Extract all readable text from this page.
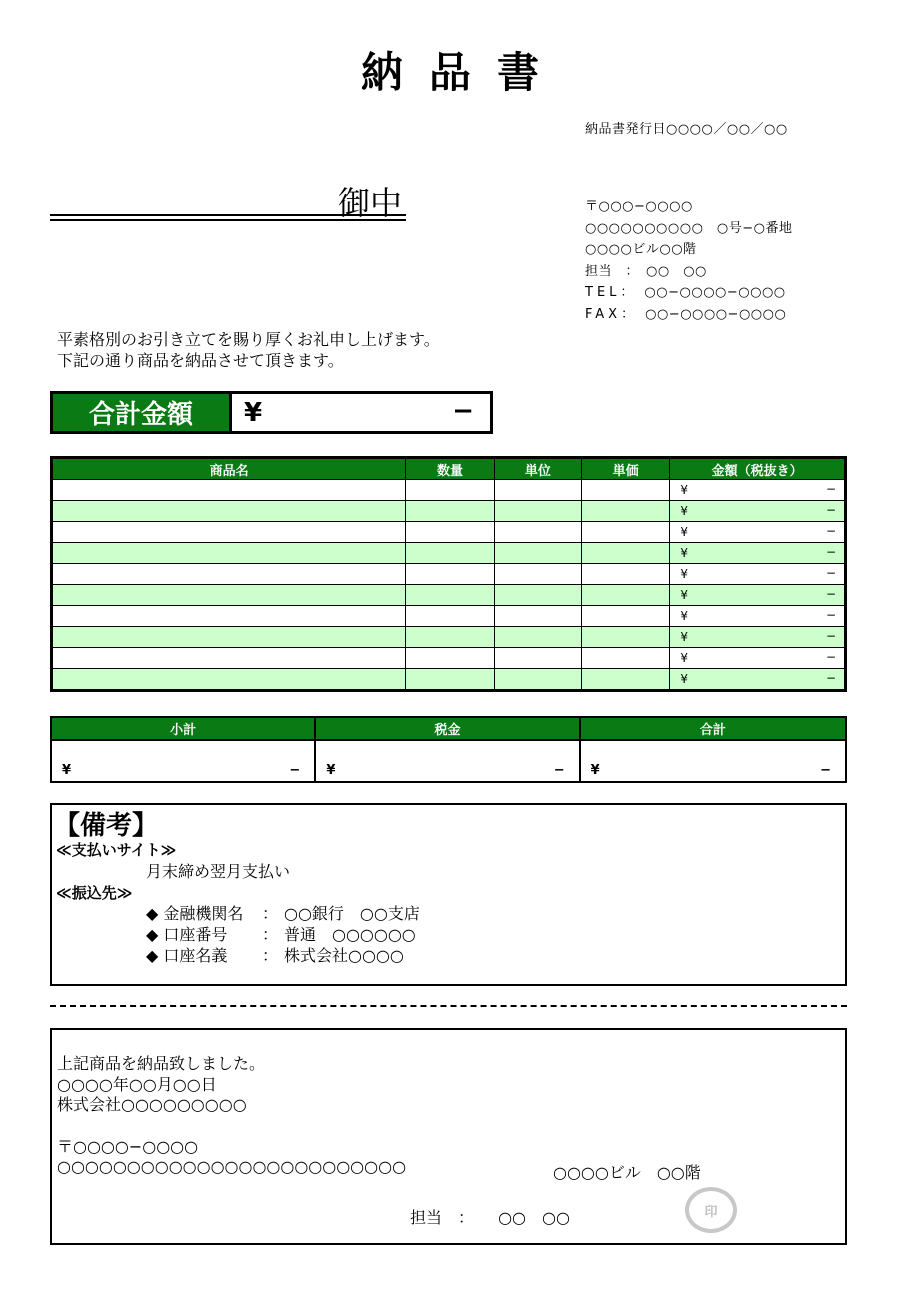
納品書
納品書発行日○○○○／○○／○○
御中	〒○○○−○○○○
○○○○○○○○○○　○号−○番地
○○○○ビル○○階
担当　：　 ○○　○○
TEL：　 ○○−○○○○−○○○○
FAX：　 ○○−○○○○−○○○○
平素格別のお引き立てを賜り厚くお礼申し上げます。
下記の通り商品を納品させて頂きます。
合計金額	¥	−
商品名	数量	単位	単価	金額（税抜き）

				¥ −

				¥ −

				¥ −

				¥ −

				¥ −

				¥ −

				¥ −

				¥ −

				¥ −

				¥ −
小計	税金	合計

¥ −	¥ −	¥ −
【備考】
≪支払いサイト≫
月末締め翌月支払い
≪振込先≫
◆ 金融機関名	： ○○銀行　○○支店
◆ 口座番号	： 普通　○○○○○○
◆ 口座名義	： 株式会社○○○○
上記商品を納品致しました。
○○○○年○○月○○日
株式会社○○○○○○○○○
〒○○○○−○○○○
○○○○○○○○○○○○○○○○○○○○○○○○○	○○○○ビル　○○階
担当　 ：　　 ○○　○○	印
